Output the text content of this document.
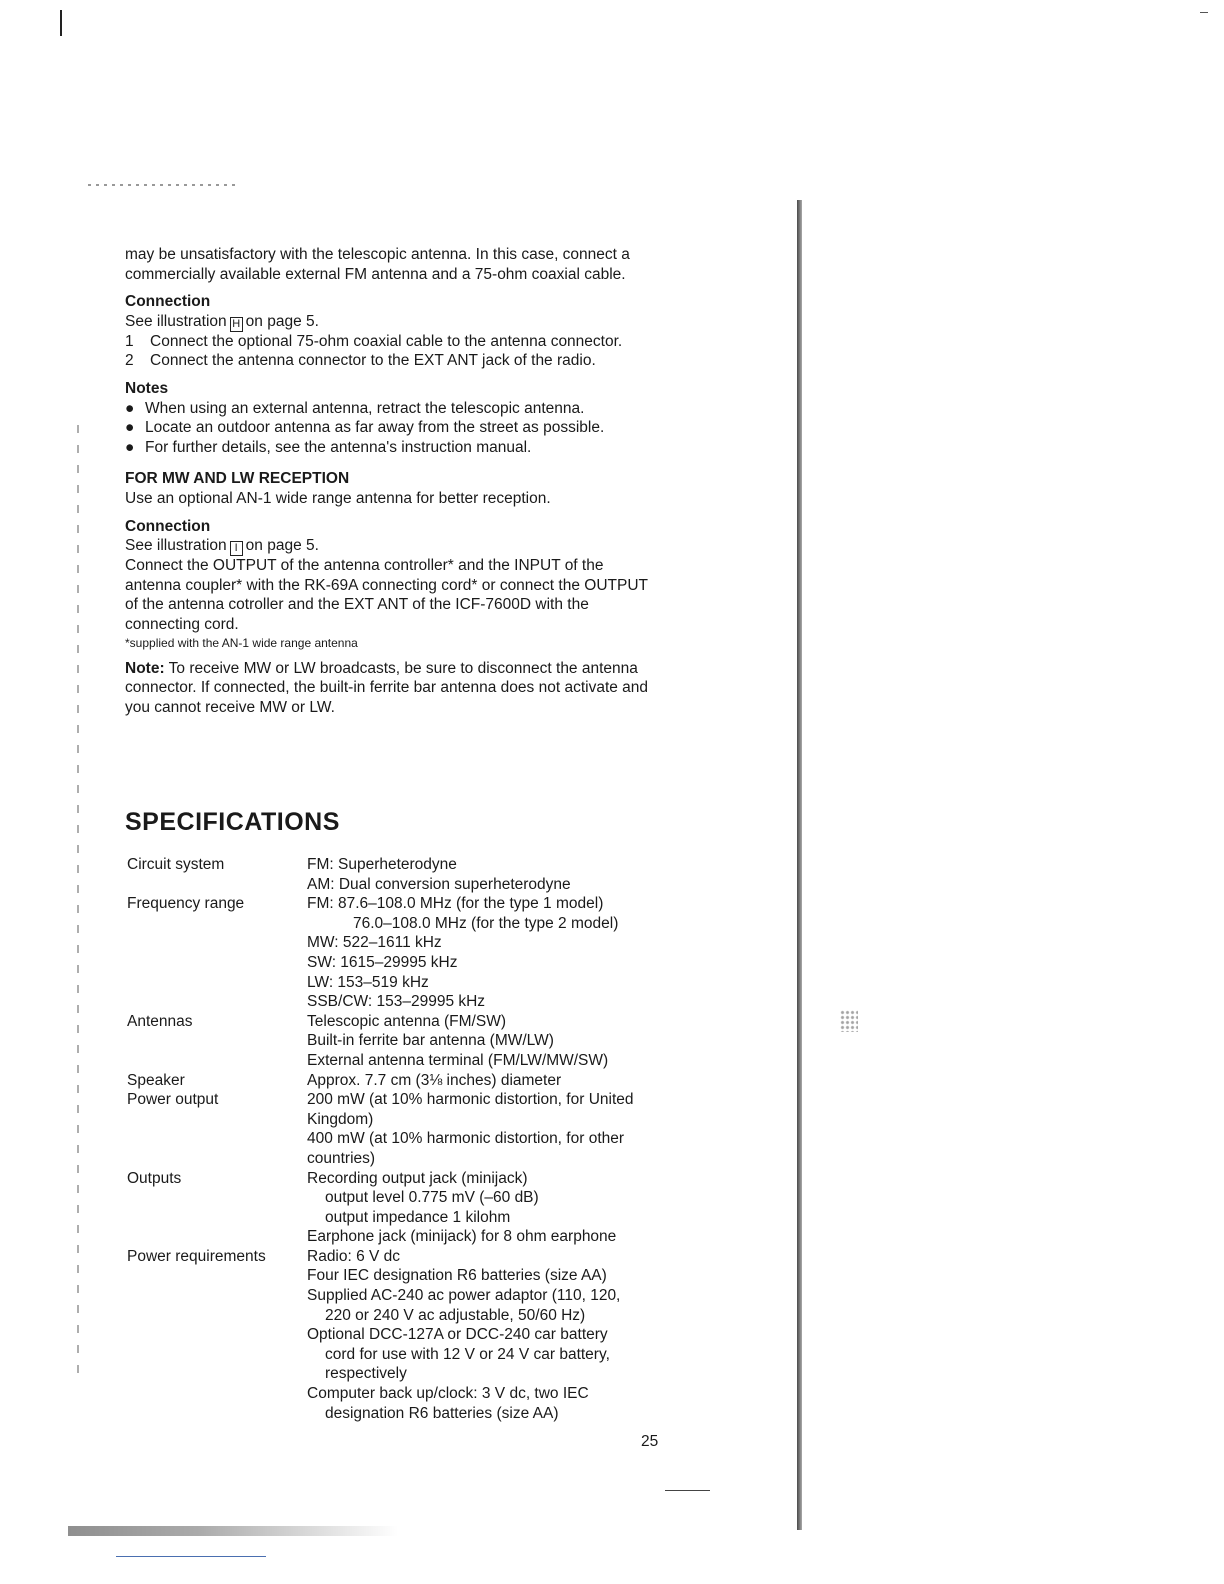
may be unsatisfactory with the telescopic antenna. In this case, connect a commercially available external FM antenna and a 75-ohm coaxial cable.

Connection

See illustration H on page 5.

1	Connect the optional 75-ohm coaxial cable to the antenna connector.
2	Connect the antenna connector to the EXT ANT jack of the radio.

Notes

● When using an external antenna, retract the telescopic antenna.
● Locate an outdoor antenna as far away from the street as possible.
● For further details, see the antenna's instruction manual.

FOR MW AND LW RECEPTION

Use an optional AN-1 wide range antenna for better reception.

Connection

See illustration I on page 5.

Connect the OUTPUT of the antenna controller* and the INPUT of the antenna coupler* with the RK-69A connecting cord* or connect the OUTPUT of the antenna cotroller and the EXT ANT of the ICF-7600D with the connecting cord.

*supplied with the AN-1 wide range antenna

Note: To receive MW or LW broadcasts, be sure to disconnect the antenna connector. If connected, the built-in ferrite bar antenna does not activate and you cannot receive MW or LW.

SPECIFICATIONS

Circuit system	FM: Superheterodyne
AM: Dual conversion superheterodyne
Frequency range	FM: 87.6–108.0 MHz (for the type 1 model)
76.0–108.0 MHz (for the type 2 model)
MW: 522–1611 kHz
SW: 1615–29995 kHz
LW: 153–519 kHz
SSB/CW: 153–29995 kHz
Antennas	Telescopic antenna (FM/SW)
Built-in ferrite bar antenna (MW/LW)
External antenna terminal (FM/LW/MW/SW)
Speaker	Approx. 7.7 cm (3⅛ inches) diameter
Power output	200 mW (at 10% harmonic distortion, for United Kingdom)
400 mW (at 10% harmonic distortion, for other countries)
Outputs	Recording output jack (minijack)
output level 0.775 mV (–60 dB)
output impedance 1 kilohm
Earphone jack (minijack) for 8 ohm earphone
Power requirements	Radio: 6 V dc
Four IEC designation R6 batteries (size AA)
Supplied AC-240 ac power adaptor (110, 120,
220 or 240 V ac adjustable, 50/60 Hz)
Optional DCC-127A or DCC-240 car battery
cord for use with 12 V or 24 V car battery,
respectively
Computer back up/clock: 3 V dc, two IEC
designation R6 batteries (size AA)

25
